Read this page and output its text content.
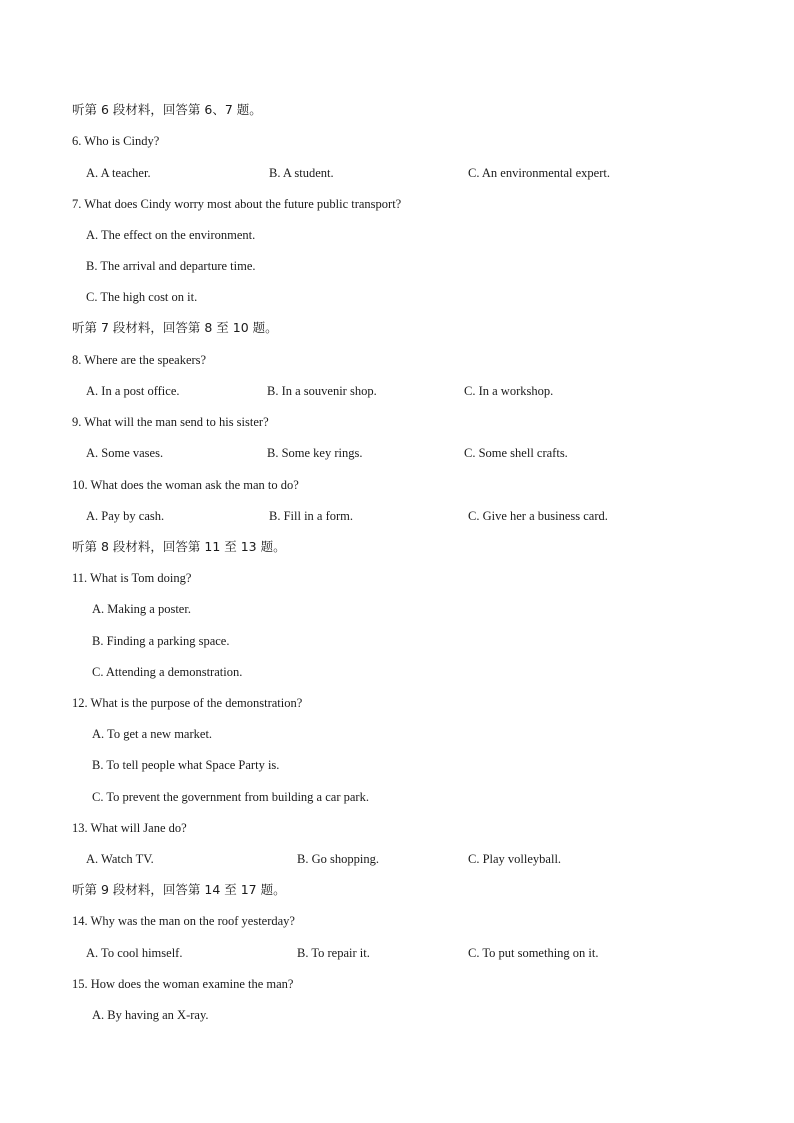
听第 6 段材料，回答第 6、7 题。
6. Who is Cindy?
A. A teacher.	B. A student.	C. An environmental expert.
7. What does Cindy worry most about the future public transport?
A. The effect on the environment.
B. The arrival and departure time.
C. The high cost on it.
听第 7 段材料，回答第 8 至 10 题。
8. Where are the speakers?
A. In a post office.	B. In a souvenir shop.	C. In a workshop.
9. What will the man send to his sister?
A. Some vases.	B. Some key rings.	C. Some shell crafts.
10. What does the woman ask the man to do?
A. Pay by cash.	B. Fill in a form.	C. Give her a business card.
听第 8 段材料，回答第 11 至 13 题。
11. What is Tom doing?
A. Making a poster.
B. Finding a parking space.
C. Attending a demonstration.
12. What is the purpose of the demonstration?
A. To get a new market.
B. To tell people what Space Party is.
C. To prevent the government from building a car park.
13. What will Jane do?
A. Watch TV.	B. Go shopping.	C. Play volleyball.
听第 9 段材料，回答第 14 至 17 题。
14. Why was the man on the roof yesterday?
A. To cool himself.	B. To repair it.	C. To put something on it.
15. How does the woman examine the man?
A. By having an X-ray.
